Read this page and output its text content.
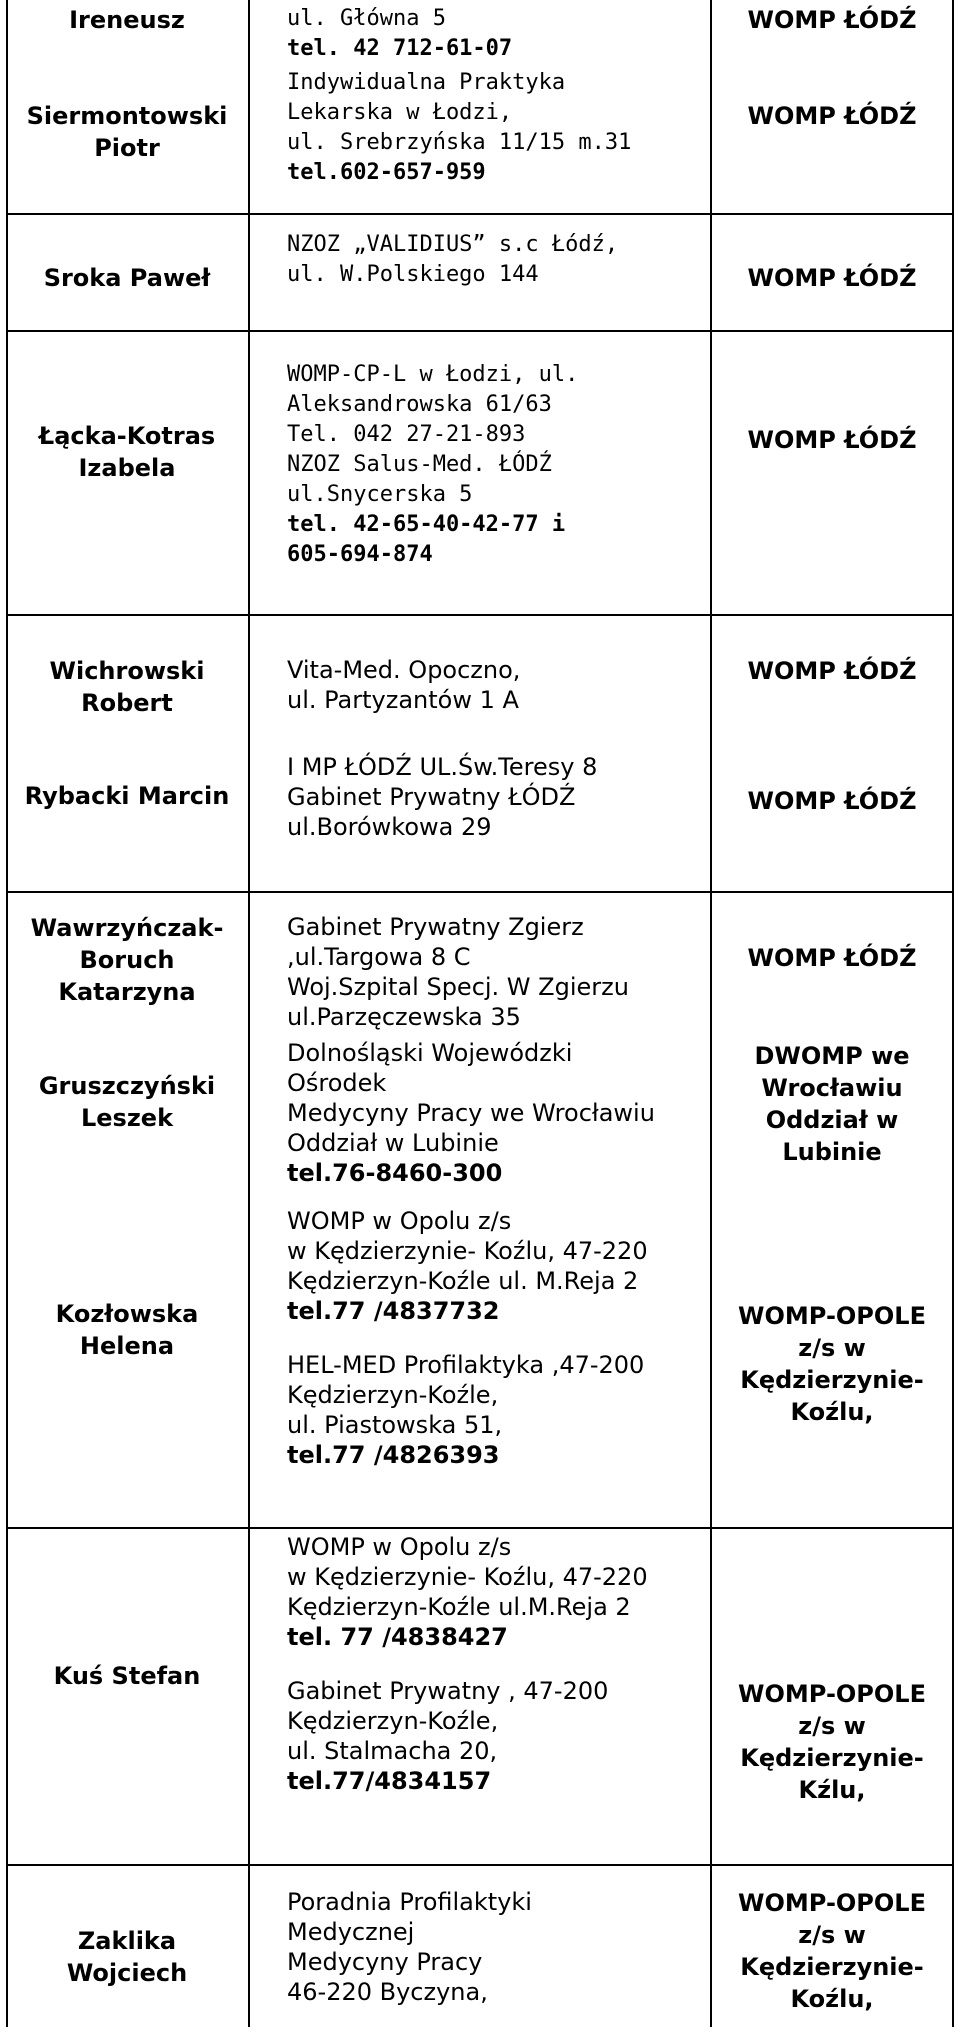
Ireneusz	ul. Główna 5
tel. 42 712-61-07
WOMP ŁÓDŹ
Siermontowski
Piotr
Indywidualna Praktyka
Lekarska w Łodzi,
ul. Srebrzyńska 11/15 m.31
tel.602-657-959
WOMP ŁÓDŹ
Sroka Paweł
NZOZ „VALIDIUS” s.c Łódź,
ul. W.Polskiego 144	WOMP ŁÓDŹ
Łącka-Kotras
Izabela
WOMP-CP-L w Łodzi, ul.
Aleksandrowska 61/63
Tel. 042 27-21-893
NZOZ Salus-Med. ŁÓDŹ
ul.Snycerska 5
tel. 42-65-40-42-77 i
605-694-874
WOMP ŁÓDŹ
Wichrowski
Robert
Vita-Med. Opoczno,
ul. Partyzantów 1 A
WOMP ŁÓDŹ
Rybacki Marcin
I MP ŁÓDŹ UL.Św.Teresy 8
Gabinet Prywatny ŁÓDŹ
ul.Borówkowa 29
WOMP ŁÓDŹ
Wawrzyńczak-
Boruch
Katarzyna
Gabinet Prywatny Zgierz
,ul.Targowa 8 C
Woj.Szpital Specj. W Zgierzu
ul.Parzęczewska 35
WOMP ŁÓDŹ
Gruszczyński
Leszek
Dolnośląski Wojewódzki
Ośrodek
Medycyny Pracy we Wrocławiu
Oddział w Lubinie
tel.76-8460-300
DWOMP we
Wrocławiu
Oddział w
Lubinie
Kozłowska
Helena
WOMP w Opolu z/s
w Kędzierzynie- Koźlu, 47-220
Kędzierzyn-Koźle ul. M.Reja 2
tel.77 /4837732
HEL-MED Profilaktyka ,47-200
Kędzierzyn-Koźle,
ul. Piastowska 51,
tel.77 /4826393
WOMP-OPOLE
z/s w
Kędzierzynie-
Koźlu,
Kuś Stefan
WOMP w Opolu z/s
w Kędzierzynie- Koźlu, 47-220
Kędzierzyn-Koźle ul.M.Reja 2
tel. 77 /4838427
Gabinet Prywatny , 47-200
Kędzierzyn-Koźle,
ul. Stalmacha 20,
tel.77/4834157
WOMP-OPOLE
z/s w
Kędzierzynie-
Kźlu,
Zaklika
Wojciech
Poradnia Profilaktyki
Medycznej
Medycyny Pracy
46-220 Byczyna,
WOMP-OPOLE
z/s w
Kędzierzynie-
Koźlu,
